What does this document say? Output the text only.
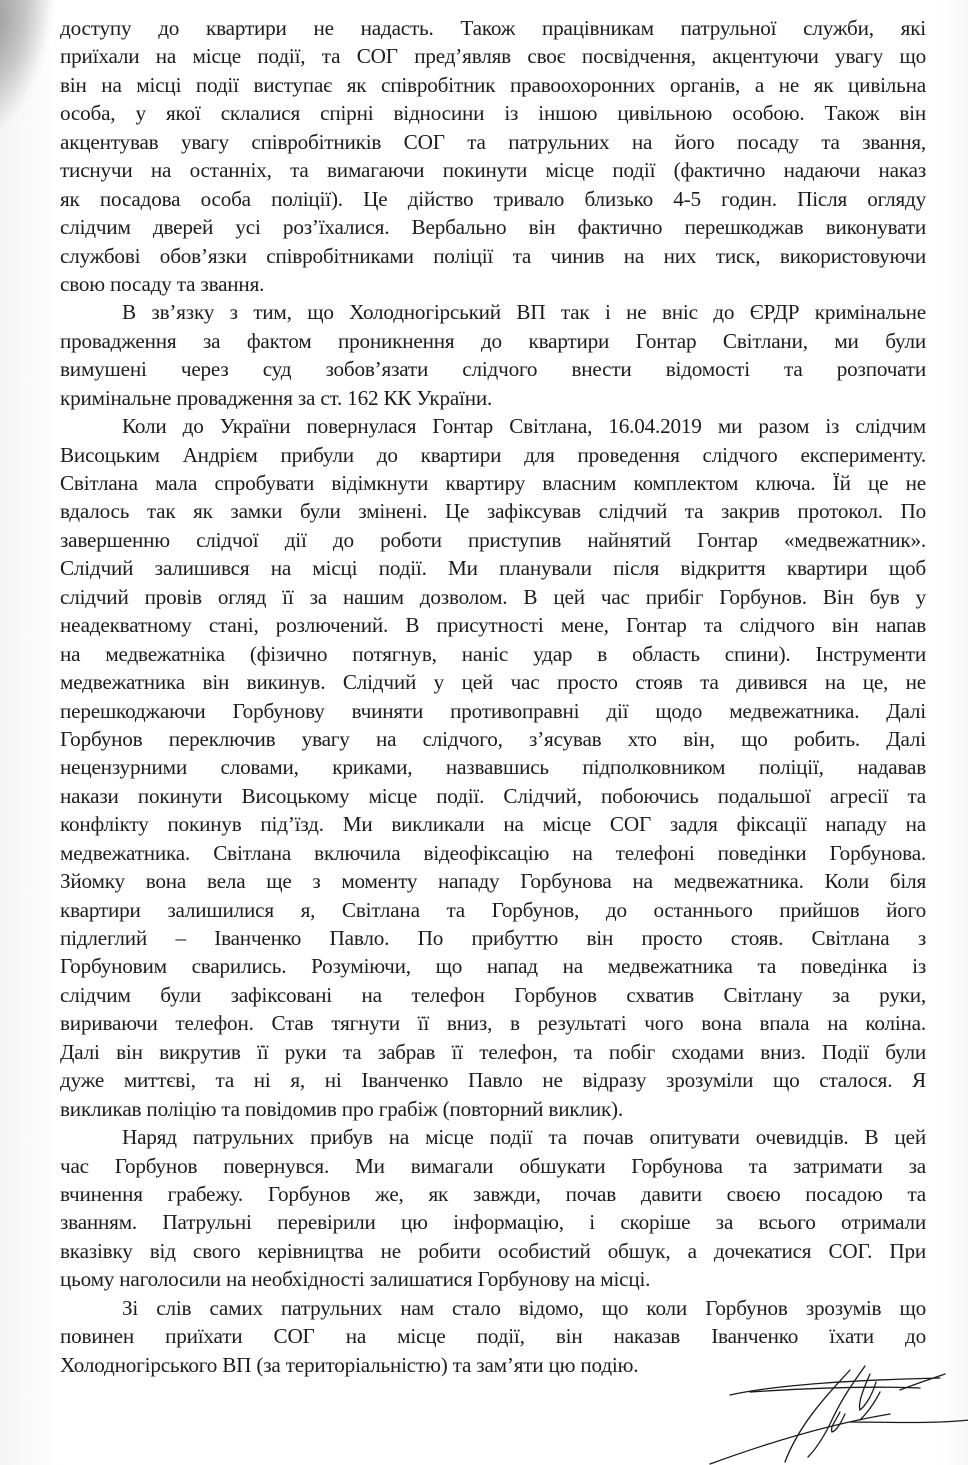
доступу до квартири не надасть. Також працівникам патрульної служби, які
приїхали на місце події, та СОГ пред’являв своє посвідчення, акцентуючи увагу що
він на місці події виступає як співробітник правоохоронних органів, а не як цивільна
особа, у якої склалися спірні відносини із іншою цивільною особою. Також він
акцентував увагу співробітників СОГ та патрульних на його посаду та звання,
тиснучи на останніх, та вимагаючи покинути місце події (фактично надаючи наказ
як посадова особа поліції). Це дійство тривало близько 4-5 годин. Після огляду
слідчим дверей усі роз’їхалися. Вербально він фактично перешкоджав виконувати
службові обов’язки співробітниками поліції та чинив на них тиск, використовуючи
свою посаду та звання.
В зв’язку з тим, що Холодногірський ВП так і не вніс до ЄРДР кримінальне
провадження за фактом проникнення до квартири Гонтар Світлани, ми були
вимушені через суд зобов’язати слідчого внести відомості та розпочати
кримінальне провадження за ст. 162 КК України.
Коли до України повернулася Гонтар Світлана, 16.04.2019 ми разом із слідчим
Висоцьким Андрієм прибули до квартири для проведення слідчого експерименту.
Світлана мала спробувати відімкнути квартиру власним комплектом ключа. Їй це не
вдалось так як замки були змінені. Це зафіксував слідчий та закрив протокол. По
завершенню слідчої дії до роботи приступив найнятий Гонтар «медвежатник».
Слідчий залишився на місці події. Ми планували після відкриття квартири щоб
слідчий провів огляд її за нашим дозволом. В цей час прибіг Горбунов. Він був у
неадекватному стані, розлючений. В присутності мене, Гонтар та слідчого він напав
на медвежатніка (фізично потягнув, наніс удар в область спини). Інструменти
медвежатника він викинув. Слідчий у цей час просто стояв та дивився на це, не
перешкоджаючи Горбунову вчиняти противоправні дії щодо медвежатника. Далі
Горбунов переключив увагу на слідчого, з’ясував хто він, що робить. Далі
нецензурними словами, криками, назвавшись підполковником поліції, надавав
накази покинути Висоцькому місце події. Слідчий, побоючись подальшої агресії та
конфлікту покинув під’їзд. Ми викликали на місце СОГ задля фіксації нападу на
медвежатника. Світлана включила відеофіксацію на телефоні поведінки Горбунова.
Зйомку вона вела ще з моменту нападу Горбунова на медвежатника. Коли біля
квартири залишилися я, Світлана та Горбунов, до останнього прийшов його
підлеглий – Іванченко Павло. По прибуттю він просто стояв. Світлана з
Горбуновим сварились. Розуміючи, що напад на медвежатника та поведінка із
слідчим були зафіксовані на телефон Горбунов схватив Світлану за руки,
вириваючи телефон. Став тягнути її вниз, в результаті чого вона впала на коліна.
Далі він викрутив її руки та забрав її телефон, та побіг сходами вниз. Події були
дуже миттєві, та ні я, ні Іванченко Павло не відразу зрозуміли що сталося. Я
викликав поліцію та повідомив про грабіж (повторний виклик).
Наряд патрульних прибув на місце події та почав опитувати очевидців. В цей
час Горбунов повернувся. Ми вимагали обшукати Горбунова та затримати за
вчинення грабежу. Горбунов же, як завжди, почав давити своєю посадою та
званням. Патрульні перевірили цю інформацію, і скоріше за всього отримали
вказівку від свого керівництва не робити особистий обшук, а дочекатися СОГ. При
цьому наголосили на необхідності залишатися Горбунову на місці.
Зі слів самих патрульних нам стало відомо, що коли Горбунов зрозумів що
повинен приїхати СОГ на місце події, він наказав Іванченко їхати до
Холодногірського ВП (за територіальністю) та зам’яти цю подію.
